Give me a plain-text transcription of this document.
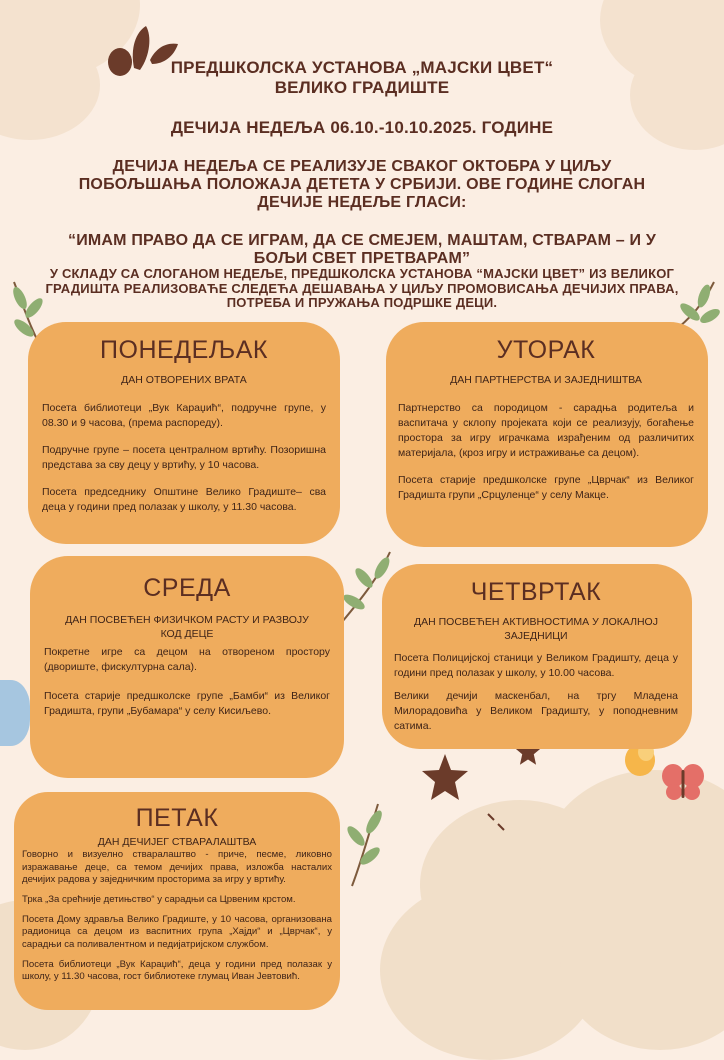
ПРЕДШКОЛСКА УСТАНОВА „МАЈСКИ ЦВЕТ“
ВЕЛИКО ГРАДИШТЕ
ДЕЧИЈА НЕДЕЉА 06.10.-10.10.2025. ГОДИНЕ
ДЕЧИЈА НЕДЕЉА СЕ РЕАЛИЗУЈЕ СВАКОГ ОКТОБРА У ЦИЉУ ПОБОЉШАЊА ПОЛОЖАЈА ДЕТЕТА У СРБИЈИ. ОВЕ ГОДИНЕ СЛОГАН ДЕЧИЈЕ НЕДЕЉЕ ГЛАСИ:
“ИМАМ ПРАВО ДА СЕ ИГРАМ, ДА СЕ СМЕЈЕМ, МАШТАМ, СТВАРАМ – И У БОЉИ СВЕТ ПРЕТВАРАМ”
У СКЛАДУ СА СЛОГАНОМ НЕДЕЉЕ, ПРЕДШКОЛСКА УСТАНОВА “МАЈСКИ ЦВЕТ” ИЗ ВЕЛИКОГ ГРАДИШТА РЕАЛИЗОВАЋЕ СЛЕДЕЋА ДЕШАВАЊА У ЦИЉУ ПРОМОВИСАЊА ДЕЧИЈИХ ПРАВА, ПОТРЕБА И ПРУЖАЊА ПОДРШКЕ ДЕЦИ.
ПОНЕДЕЉАК
ДАН ОТВОРЕНИХ ВРАТА

Посета библиотеци „Вук Караџић“, подручне групе, у 08.30 и 9 часова, (према распореду).

Подручне групе – посета централном вртићу. Позоришна представа за сву децу у вртићу, у 10 часова.

Посета председнику Општине Велико Градиште– сва деца у години пред полазак у школу, у 11.30 часова.

УТОРАК
ДАН ПАРТНЕРСТВА И ЗАЈЕДНИШТВА

Партнерство са породицом - сарадња родитеља и васпитача у склопу пројеката који се реализују, богаћење простора за игру играчкама израђеним од различитих материјала, (кроз игру и истраживање са децом).

Посета старије предшколске групе „Цврчак“ из Великог Градишта групи „Срцуленце“ у селу Макце.

СРЕДА
ДАН ПОСВЕЋЕН ФИЗИЧКОМ РАСТУ И РАЗВОЈУ КОД ДЕЦЕ

Покретне игре са децом на отвореном простору (двориште, фискултурна сала).

Посета старије предшколске групе „Бамби“ из Великог Градишта, групи „Бубамара“ у селу Кисиљево.

ЧЕТВРТАК
ДАН ПОСВЕЋЕН АКТИВНОСТИМА У ЛОКАЛНОЈ ЗАЈЕДНИЦИ

Посета Полицијској станици у Великом Градишту, деца у години пред полазак у школу, у 10.00 часова.

Велики дечији маскенбал, на тргу Младена Милорадовића у Великом Градишту, у поподневним сатима.

ПЕТАК
ДАН ДЕЧИЈЕГ СТВАРАЛАШТВА

Говорно и визуелно стваралаштво - приче, песме, ликовно изражавање деце, са темом дечијих права, изложба насталих дечијих радова у заједничким просторима за игру у вртићу.

Трка „За срећније детињство“ у сарадњи са Црвеним крстом.

Посета Дому здравља Велико Градиште, у 10 часова, организована радионица са децом из васпитних група „Хајди“ и „Цврчак“, у сарадњи са поливалентном и педијатријском службом.

Посета библиотеци „Вук Караџић“, деца у години пред полазак у школу, у 11.30 часова, гост библиотеке глумац Иван Јевтовић.
